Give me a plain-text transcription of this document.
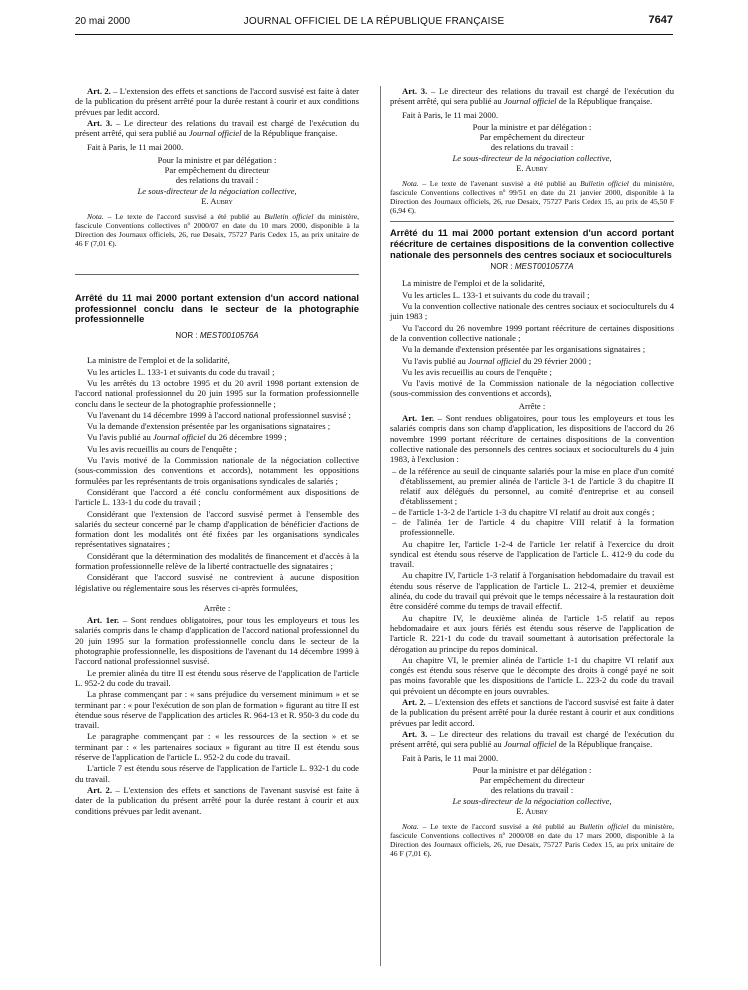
20 mai 2000	JOURNAL OFFICIEL DE LA RÉPUBLIQUE FRANÇAISE	7647

Art. 2. – L'extension des effets et sanctions de l'accord susvisé est faite à dater de la publication du présent arrêté pour la durée restant à courir et aux conditions prévues par ledit accord.

Art. 3. – Le directeur des relations du travail est chargé de l'exécution du présent arrêté, qui sera publié au Journal officiel de la République française.

Fait à Paris, le 11 mai 2000.

Pour la ministre et par délégation :
Par empêchement du directeur
des relations du travail :
Le sous-directeur de la négociation collective,
E. Aubry

Nota. – Le texte de l'accord susvisé a été publié au Bulletin officiel du ministère, fascicule Conventions collectives nº 2000/07 en date du 10 mars 2000, disponible à la Direction des Journaux officiels, 26, rue Desaix, 75727 Paris Cedex 15, au prix unitaire de 46 F (7,01 €).

Arrêté du 11 mai 2000 portant extension d'un accord national professionnel conclu dans le secteur de la photographie professionnelle

NOR : MESТ0010576A

La ministre de l'emploi et de la solidarité,

Vu les articles L. 133-1 et suivants du code du travail ;

Vu les arrêtés du 13 octobre 1995 et du 20 avril 1998 portant extension de l'accord national professionnel du 20 juin 1995 sur la formation professionnelle conclu dans le secteur de la photographie professionnelle ;

Vu l'avenant du 14 décembre 1999 à l'accord national professionnel susvisé ;

Vu la demande d'extension présentée par les organisations signataires ;

Vu l'avis publié au Journal officiel du 26 décembre 1999 ;

Vu les avis recueillis au cours de l'enquête ;

Vu l'avis motivé de la Commission nationale de la négociation collective (sous-commission des conventions et accords), notamment les oppositions formulées par les représentants de trois organisations syndicales de salariés ;

Considérant que l'accord a été conclu conformément aux dispositions de l'article L. 133-1 du code du travail ;

Considérant que l'extension de l'accord susvisé permet à l'ensemble des salariés du secteur concerné par le champ d'application de bénéficier d'actions de formation dont les modalités ont été fixées par les organisations syndicales représentatives signataires ;

Considérant que la détermination des modalités de financement et d'accès à la formation professionnelle relève de la liberté contractuelle des signataires ;

Considérant que l'accord susvisé ne contrevient à aucune disposition législative ou réglementaire sous les réserves ci-après formulées,

Arrête :

Art. 1er. – Sont rendues obligatoires, pour tous les employeurs et tous les salariés compris dans le champ d'application de l'accord national professionnel du 20 juin 1995 sur la formation professionnelle conclu dans le secteur de la photographie professionnelle, les dispositions de l'avenant du 14 décembre 1999 à l'accord national professionnel susvisé.

Le premier alinéa du titre II est étendu sous réserve de l'application de l'article L. 952-2 du code du travail.

La phrase commençant par : « sans préjudice du versement minimum » et se terminant par : « pour l'exécution de son plan de formation » figurant au titre II est étendue sous réserve de l'application des articles R. 964-13 et R. 950-3 du code du travail.

Le paragraphe commençant par : « les ressources de la section » et se terminant par : « les partenaires sociaux » figurant au titre II est étendu sous réserve de l'application de l'article L. 952-2 du code du travail.

L'article 7 est étendu sous réserve de l'application de l'article L. 932-1 du code du travail.

Art. 2. – L'extension des effets et sanctions de l'avenant susvisé est faite à dater de la publication du présent arrêté pour la durée restant à courir et aux conditions prévues par ledit avenant.

Art. 3. – Le directeur des relations du travail est chargé de l'exécution du présent arrêté, qui sera publié au Journal officiel de la République française.

Fait à Paris, le 11 mai 2000.

Pour la ministre et par délégation :
Par empêchement du directeur
des relations du travail :
Le sous-directeur de la négociation collective,
E. Aubry

Nota. – Le texte de l'avenant susvisé a été publié au Bulletin officiel du ministère, fascicule Conventions collectives nº 99/51 en date du 21 janvier 2000, disponible à la Direction des Journaux officiels, 26, rue Desaix, 75727 Paris Cedex 15, au prix de 45,50 F (6,94 €).

Arrêté du 11 mai 2000 portant extension d'un accord portant réécriture de certaines dispositions de la convention collective nationale des personnels des centres sociaux et socioculturels

NOR : MEST0010577A

La ministre de l'emploi et de la solidarité,

Vu les articles L. 133-1 et suivants du code du travail ;

Vu la convention collective nationale des centres sociaux et socioculturels du 4 juin 1983 ;

Vu l'accord du 26 novembre 1999 portant réécriture de certaines dispositions de la convention collective nationale ;

Vu la demande d'extension présentée par les organisations signataires ;

Vu l'avis publié au Journal officiel du 29 février 2000 ;

Vu les avis recueillis au cours de l'enquête ;

Vu l'avis motivé de la Commission nationale de la négociation collective (sous-commission des conventions et accords),

Arrête :

Art. 1er. – Sont rendues obligatoires, pour tous les employeurs et tous les salariés compris dans son champ d'application, les dispositions de l'accord du 26 novembre 1999 portant réécriture de certaines dispositions de la convention collective nationale des personnels des centres sociaux et socioculturels du 4 juin 1983, à l'exclusion :

– de la référence au seuil de cinquante salariés pour la mise en place d'un comité d'établissement, au premier alinéa de l'article 3-1 de l'article 3 du chapitre II relatif aux délégués du personnel, au comité d'entreprise et au conseil d'établissement ;
– de l'article 1-3-2 de l'article 1-3 du chapitre VI relatif au droit aux congés ;
– de l'alinéa 1er de l'article 4 du chapitre VIII relatif à la formation professionnelle.

Au chapitre Ier, l'article 1-2-4 de l'article 1er relatif à l'exercice du droit syndical est étendu sous réserve de l'application de l'article L. 412-9 du code du travail.

Au chapitre IV, l'article 1-3 relatif à l'organisation hebdomadaire du travail est étendu sous réserve de l'application de l'article L. 212-4, premier et deuxième alinéa, du code du travail qui prévoit que le temps nécessaire à la restauration doit être considéré comme du temps de travail effectif.

Au chapitre IV, le deuxième alinéa de l'article 1-5 relatif au repos hebdomadaire et aux jours fériés est étendu sous réserve de l'application de l'article R. 221-1 du code du travail soumettant à autorisation préfectorale la dérogation au principe du repos dominical.

Au chapitre VI, le premier alinéa de l'article 1-1 du chapitre VI relatif aux congés est étendu sous réserve que le décompte des droits à congé payé ne soit pas moins favorable que les dispositions de l'article L. 223-2 du code du travail qui prévoient un décompte en jours ouvrables.

Art. 2. – L'extension des effets et sanctions de l'accord susvisé est faite à dater de la publication du présent arrêté pour la durée restant à courir et aux conditions prévues par ledit accord.

Art. 3. – Le directeur des relations du travail est chargé de l'exécution du présent arrêté, qui sera publié au Journal officiel de la République française.

Fait à Paris, le 11 mai 2000.

Pour la ministre et par délégation :
Par empêchement du directeur
des relations du travail :
Le sous-directeur de la négociation collective,
E. Aubry

Nota. – Le texte de l'accord susvisé a été publié au Bulletin officiel du ministère, fascicule Conventions collectives nº 2000/08 en date du 17 mars 2000, disponible à la Direction des Journaux officiels, 26, rue Desaix, 75727 Paris Cedex 15, au prix unitaire de 46 F (7,01 €).
